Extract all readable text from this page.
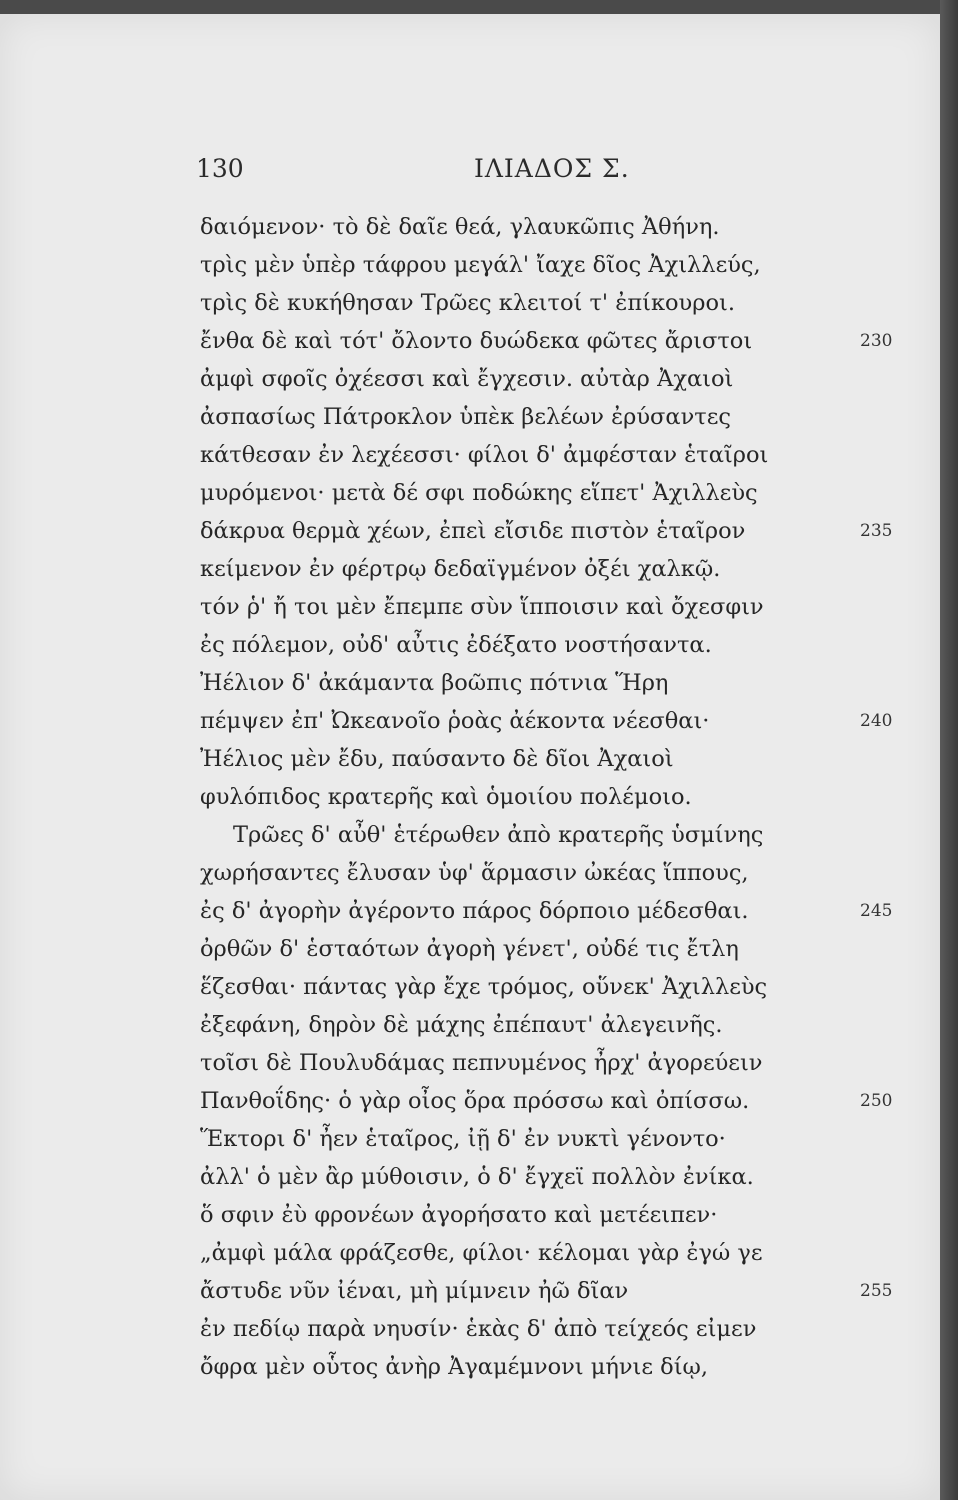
130	ΙΛΙΑΔΟΣ Σ.
δαιόμενον· τὸ δὲ δαῖε θεά, γλαυκῶπις Ἀθήνη.
τρὶς μὲν ὑπὲρ τάφρου μεγάλ' ἴαχε δῖος Ἀχιλλεύς,
τρὶς δὲ κυκήθησαν Τρῶες κλειτοί τ' ἐπίκουροι.
ἔνθα δὲ καὶ τότ' ὄλοντο δυώδεκα φῶτες ἄριστοι
ἀμφὶ σφοῖς ὀχέεσσι καὶ ἔγχεσιν. αὐτὰρ Ἀχαιοὶ
ἀσπασίως Πάτροκλον ὑπὲκ βελέων ἐρύσαντες
κάτθεσαν ἐν λεχέεσσι· φίλοι δ' ἀμφέσταν ἑταῖροι
μυρόμενοι· μετὰ δέ σφι ποδώκης εἵπετ' Ἀχιλλεὺς
δάκρυα θερμὰ χέων, ἐπεὶ εἴσιδε πιστὸν ἑταῖρον
κείμενον ἐν φέρτρῳ δεδαϊγμένον ὀξέι χαλκῷ.
τόν ῥ' ἤ τοι μὲν ἔπεμπε σὺν ἵπποισιν καὶ ὄχεσφιν
ἐς πόλεμον, οὐδ' αὖτις ἐδέξατο νοστήσαντα.
Ἠέλιον δ' ἀκάμαντα βοῶπις πότνια Ἥρη
πέμψεν ἐπ' Ὠκεανοῖο ῥοὰς ἀέκοντα νέεσθαι·
Ἠέλιος μὲν ἔδυ, παύσαντο δὲ δῖοι Ἀχαιοὶ
φυλόπιδος κρατερῆς καὶ ὁμοιίου πολέμοιο.
Τρῶες δ' αὖθ' ἑτέρωθεν ἀπὸ κρατερῆς ὑσμίνης
χωρήσαντες ἔλυσαν ὑφ' ἅρμασιν ὠκέας ἵππους,
ἐς δ' ἀγορὴν ἀγέροντο πάρος δόρποιο μέδεσθαι.
ὀρθῶν δ' ἑσταότων ἀγορὴ γένετ', οὐδέ τις ἔτλη
ἕζεσθαι· πάντας γὰρ ἔχε τρόμος, οὕνεκ' Ἀχιλλεὺς
ἐξεφάνη, δηρὸν δὲ μάχης ἐπέπαυτ' ἀλεγεινῆς.
τοῖσι δὲ Πουλυδάμας πεπνυμένος ἦρχ' ἀγορεύειν
Πανθοΐδης· ὁ γὰρ οἶος ὅρα πρόσσω καὶ ὀπίσσω.
Ἕκτορι δ' ἦεν ἑταῖρος, ἰῇ δ' ἐν νυκτὶ γένοντο·
ἀλλ' ὁ μὲν ἂρ μύθοισιν, ὁ δ' ἔγχεϊ πολλὸν ἐνίκα.
ὅ σφιν ἐὺ φρονέων ἀγορήσατο καὶ μετέειπεν·
„ἀμφὶ μάλα φράζεσθε, φίλοι· κέλομαι γὰρ ἐγώ γε
ἄστυδε νῦν ἰέναι, μὴ μίμνειν ἠῶ δῖαν
ἐν πεδίῳ παρὰ νηυσίν· ἑκὰς δ' ἀπὸ τείχεός εἰμεν
ὄφρα μὲν οὗτος ἀνὴρ Ἀγαμέμνονι μήνιε δίῳ,
230
235
240
245
250
255
